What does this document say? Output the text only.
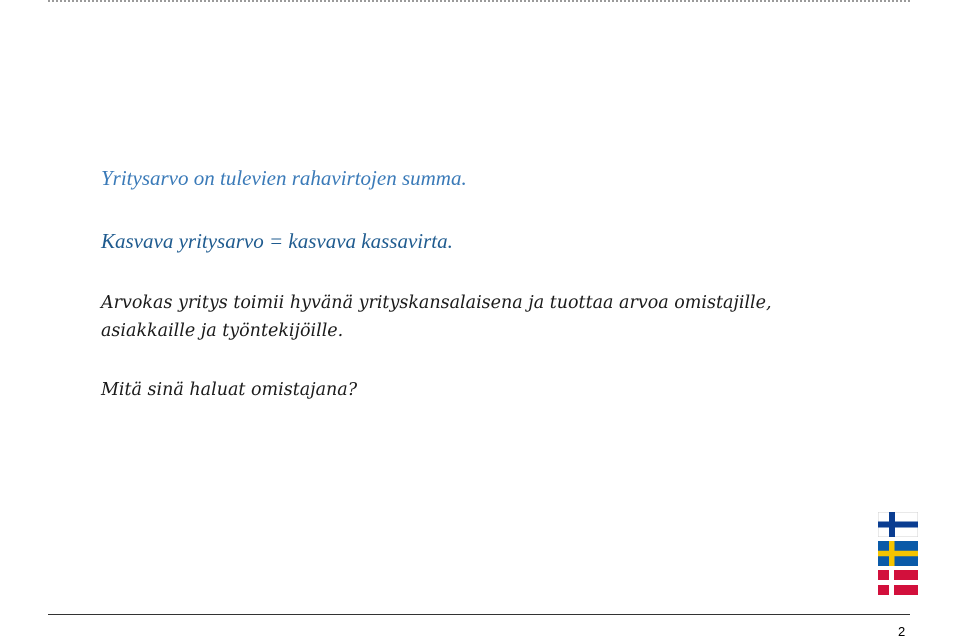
Yritysarvo on tulevien rahavirtojen summa.
Kasvava yritysarvo = kasvava kassavirta.
Arvokas yritys toimii hyvänä yrityskansalaisena ja tuottaa arvoa omistajille, asiakkaille ja työntekijöille.
Mitä sinä haluat omistajana?
2
